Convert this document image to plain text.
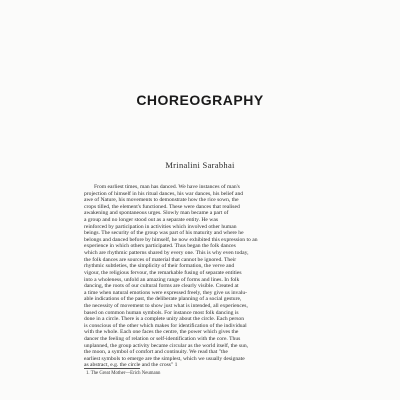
CHOREOGRAPHY
Mrinalini Sarabhai
From earliest times, man has danced. We have instances of man's
projection of himself in his ritual dances, his war dances, his belief and
awe of Nature, his movements to demonstrate how the rice sown, the
crops tilled, the element's functioned. These were dances that realised
awakening and spontaneous urges. Slowly man became a part of
a group and no longer stood out as a separate entity. He was
reinforced by participation in activities which involved other human
beings. The security of the group was part of his maturity and where he
belongs and danced before by himself, he now exhibited this expression to an
experience in which others participated. Thus began the folk dances
which are rhythmic patterns shared by every one. This is why even today,
the folk dances are sources of material that cannot be ignored. Their
rhythmic subtleties, the simplicity of their formation, the verve and
vigour, the religious fervour, the remarkable fusing of separate entities
into a wholeness, unfold an amazing range of forms and lines. In folk
dancing, the roots of our cultural forms are clearly visible. Created at
a time when natural emotions were expressed freely, they give us invalu-
able indications of the past, the deliberate planning of a social gesture,
the necessity of movement to show just what is intended, all experiences,
based on common human symbols. For instance most folk dancing is
done in a circle. There is a complete unity about the circle. Each person
is conscious of the other which makes for identification of the individual
with the whole. Each one faces the centre, the power which gives the
dancer the feeling of relation or self-identification with the core. Thus
unplanned, the group activity became circular as the world itself, the sun,
the moon, a symbol of comfort and continuity. We read that "the
earliest symbols to emerge are the simplest, which we usually designate
as abstract, e.g. the circle and the cross" 1
1. The Great Mother—Erich Neumann
